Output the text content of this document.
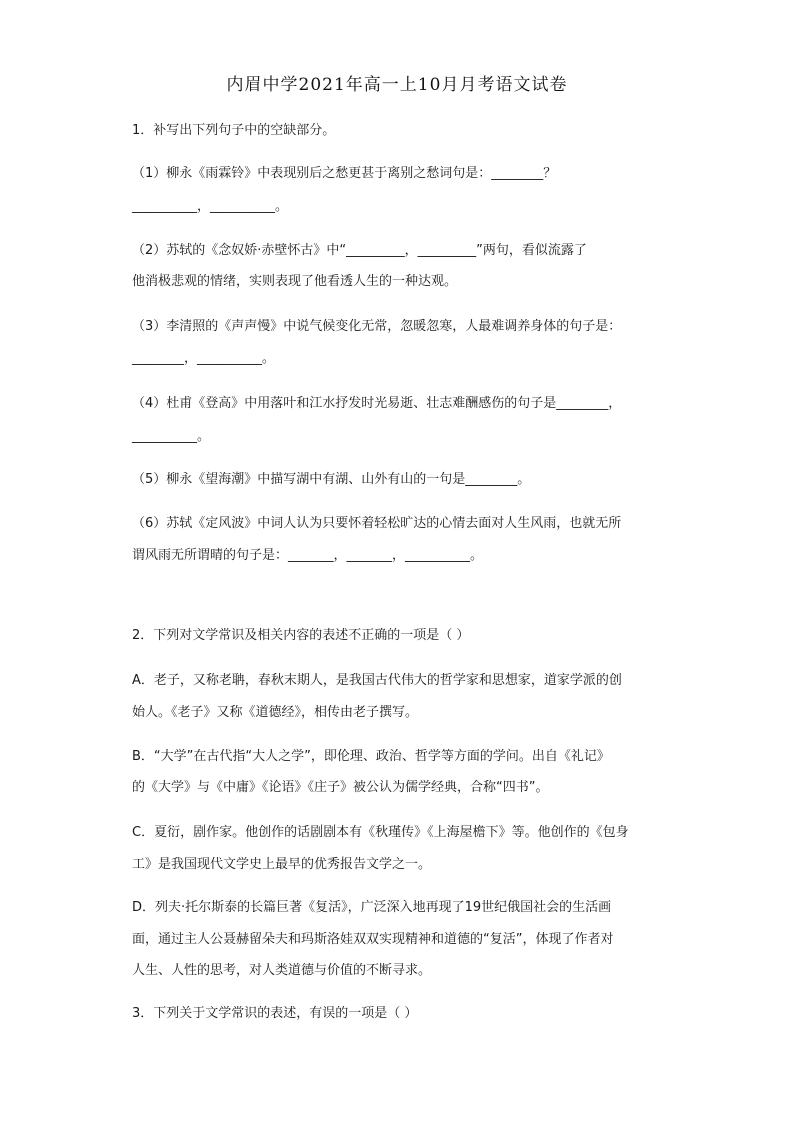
内眉中学2021年高一上10月月考语文试卷
1．补写出下列句子中的空缺部分。
（1）柳永《雨霖铃》中表现别后之愁更甚于离别之愁词句是：________？
__________，__________。
（2）苏轼的《念奴娇·赤壁怀古》中“_________，_________”两句，看似流露了
他消极悲观的情绪，实则表现了他看透人生的一种达观。
（3）李清照的《声声慢》中说气候变化无常，忽暖忽寒，人最难调养身体的句子是：
________，__________。
（4）杜甫《登高》中用落叶和江水抒发时光易逝、壮志难酬感伤的句子是________，
__________。
（5）柳永《望海潮》中描写湖中有湖、山外有山的一句是________。
（6）苏轼《定风波》中词人认为只要怀着轻松旷达的心情去面对人生风雨，也就无所
谓风雨无所谓晴的句子是：_______，_______，__________。
2．下列对文学常识及相关内容的表述不正确的一项是（ ）
A．老子，又称老聃，春秋末期人，是我国古代伟大的哲学家和思想家，道家学派的创
始人。《老子》又称《道德经》，相传由老子撰写。
B．“大学”在古代指“大人之学”，即伦理、政治、哲学等方面的学问。出自《礼记》
的《大学》与《中庸》《论语》《庄子》被公认为儒学经典，合称“四书”。
C．夏衍，剧作家。他创作的话剧剧本有《秋瑾传》《上海屋檐下》等。他创作的《包身
工》是我国现代文学史上最早的优秀报告文学之一。
D．列夫·托尔斯泰的长篇巨著《复活》，广泛深入地再现了19世纪俄国社会的生活画
面，通过主人公聂赫留朵夫和玛斯洛娃双双实现精神和道德的“复活”，体现了作者对
人生、人性的思考，对人类道德与价值的不断寻求。
3．下列关于文学常识的表述，有误的一项是（ ）
